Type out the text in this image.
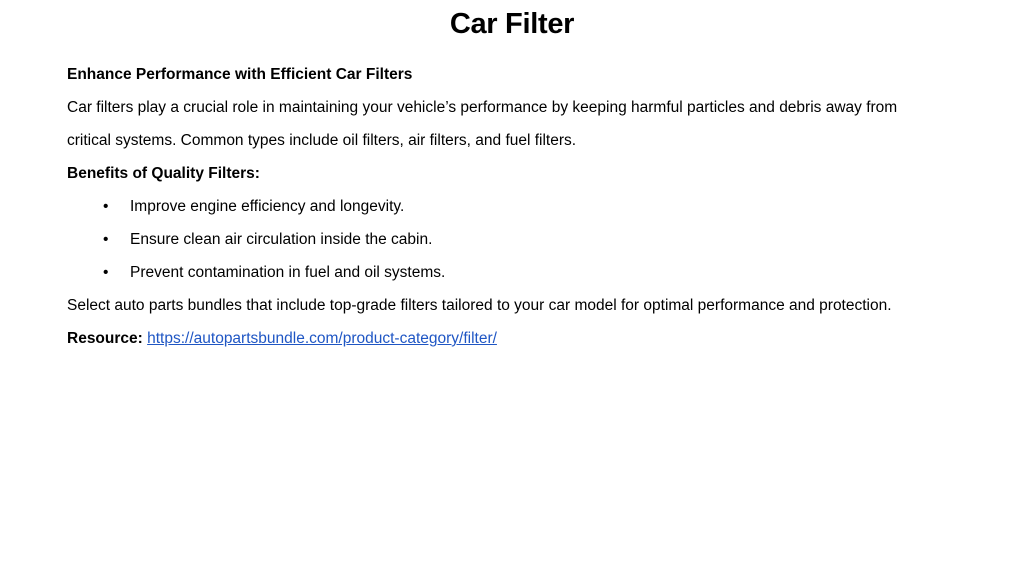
Car Filter
Enhance Performance with Efficient Car Filters
Car filters play a crucial role in maintaining your vehicle’s performance by keeping harmful particles and debris away from
critical systems. Common types include oil filters, air filters, and fuel filters.
Benefits of Quality Filters:
• Improve engine efficiency and longevity.
• Ensure clean air circulation inside the cabin.
• Prevent contamination in fuel and oil systems.
Select auto parts bundles that include top-grade filters tailored to your car model for optimal performance and protection.
Resource: https://autopartsbundle.com/product-category/filter/
